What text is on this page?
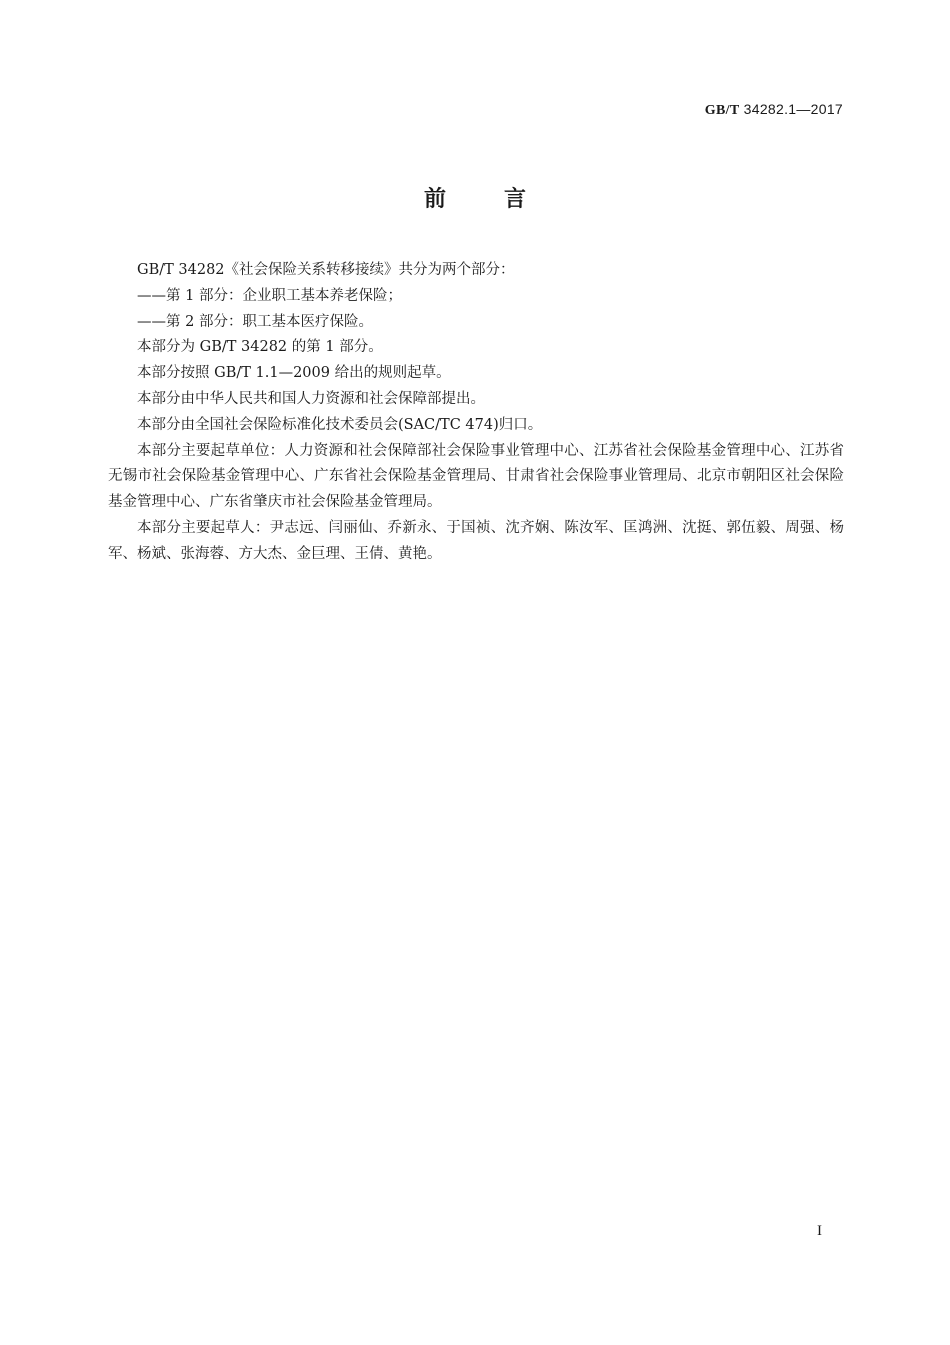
GB/T 34282.1—2017
前言

GB/T 34282《社会保险关系转移接续》共分为两个部分：

——第 1 部分：企业职工基本养老保险；

——第 2 部分：职工基本医疗保险。

本部分为 GB/T 34282 的第 1 部分。

本部分按照 GB/T 1.1—2009 给出的规则起草。

本部分由中华人民共和国人力资源和社会保障部提出。

本部分由全国社会保险标准化技术委员会(SAC/TC 474)归口。

本部分主要起草单位：人力资源和社会保障部社会保险事业管理中心、江苏省社会保险基金管理中心、江苏省无锡市社会保险基金管理中心、广东省社会保险基金管理局、甘肃省社会保险事业管理局、北京市朝阳区社会保险基金管理中心、广东省肇庆市社会保险基金管理局。

本部分主要起草人：尹志远、闫丽仙、乔新永、于国祯、沈齐娴、陈汝军、匡鸿洲、沈挺、郭伍毅、周强、杨军、杨斌、张海蓉、方大杰、金巨理、王倩、黄艳。

I
